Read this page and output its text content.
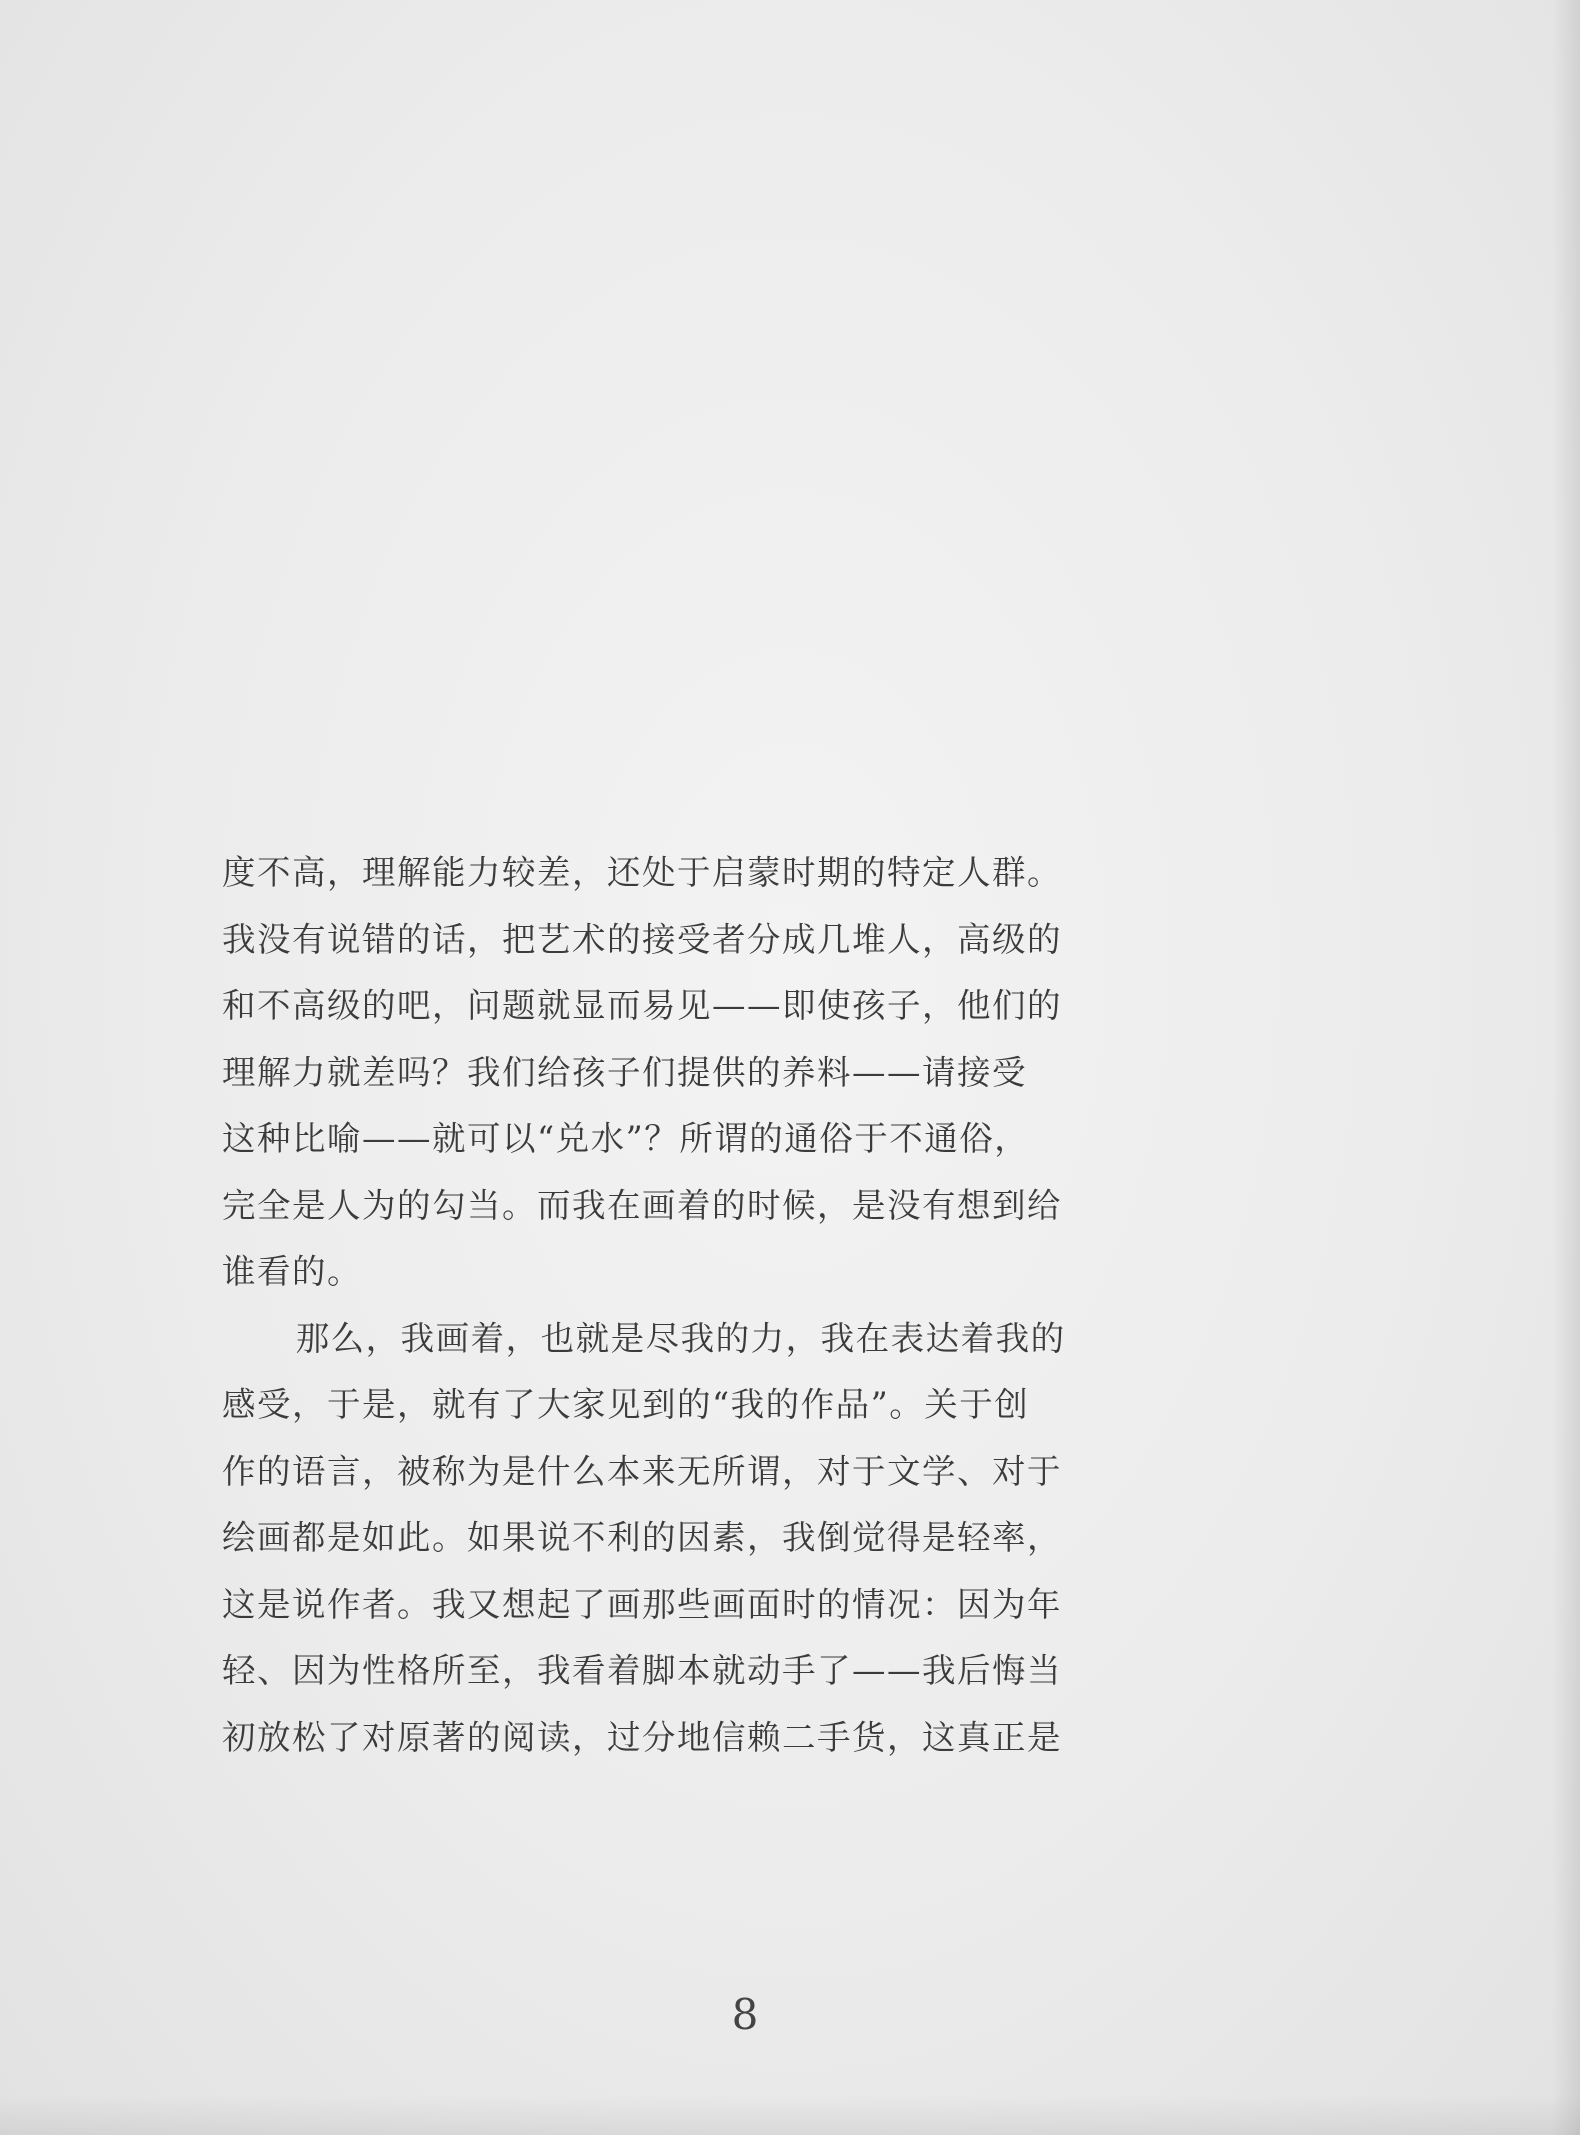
度不高，理解能力较差，还处于启蒙时期的特定人群。
我没有说错的话，把艺术的接受者分成几堆人，高级的
和不高级的吧，问题就显而易见——即使孩子，他们的
理解力就差吗？我们给孩子们提供的养料——请接受
这种比喻——就可以“兑水”？所谓的通俗于不通俗，
完全是人为的勾当。而我在画着的时候，是没有想到给
谁看的。

那么，我画着，也就是尽我的力，我在表达着我的
感受，于是，就有了大家见到的“我的作品”。关于创
作的语言，被称为是什么本来无所谓，对于文学、对于
绘画都是如此。如果说不利的因素，我倒觉得是轻率，
这是说作者。我又想起了画那些画面时的情况：因为年
轻、因为性格所至，我看着脚本就动手了——我后悔当
初放松了对原著的阅读，过分地信赖二手货，这真正是

8
